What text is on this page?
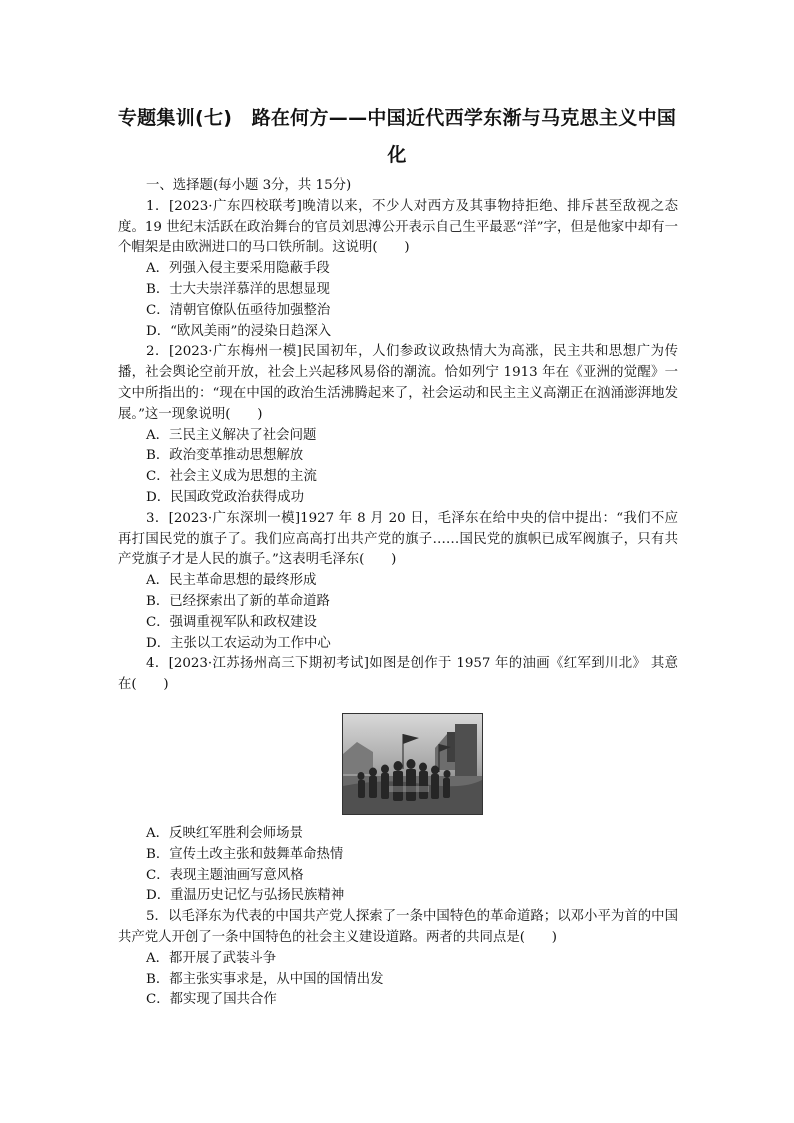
专题集训(七)　路在何方——中国近代西学东渐与马克思主义中国
化
一、选择题(每小题 3分，共 15分)
1．[2023·广东四校联考]晚清以来，不少人对西方及其事物持拒绝、排斥甚至敌视之态度。19 世纪末活跃在政治舞台的官员刘思溥公开表示自己生平最恶“洋”字，但是他家中却有一个帽架是由欧洲进口的马口铁所制。这说明(　　)
A．列强入侵主要采用隐蔽手段
B．士大夫崇洋慕洋的思想显现
C．清朝官僚队伍亟待加强整治
D．“欧风美雨”的浸染日趋深入
2．[2023·广东梅州一模]民国初年，人们参政议政热情大为高涨，民主共和思想广为传播，社会舆论空前开放，社会上兴起移风易俗的潮流。恰如列宁 1913 年在《亚洲的觉醒》一文中所指出的：“现在中国的政治生活沸腾起来了，社会运动和民主主义高潮正在汹涌澎湃地发展。”这一现象说明(　　)
A．三民主义解决了社会问题
B．政治变革推动思想解放
C．社会主义成为思想的主流
D．民国政党政治获得成功
3．[2023·广东深圳一模]1927 年 8 月 20 日，毛泽东在给中央的信中提出：“我们不应再打国民党的旗子了。我们应高高打出共产党的旗子……国民党的旗帜已成军阀旗子，只有共产党旗子才是人民的旗子。”这表明毛泽东(　　)
A．民主革命思想的最终形成
B．已经探索出了新的革命道路
C．强调重视军队和政权建设
D．主张以工农运动为工作中心
4．[2023·江苏扬州高三下期初考试]如图是创作于 1957 年的油画《红军到川北》 其意在(　　)
A．反映红军胜利会师场景
B．宣传土改主张和鼓舞革命热情
C．表现主题油画写意风格
D．重温历史记忆与弘扬民族精神
5．以毛泽东为代表的中国共产党人探索了一条中国特色的革命道路；以邓小平为首的中国共产党人开创了一条中国特色的社会主义建设道路。两者的共同点是(　　)
A．都开展了武装斗争
B．都主张实事求是，从中国的国情出发
C．都实现了国共合作
